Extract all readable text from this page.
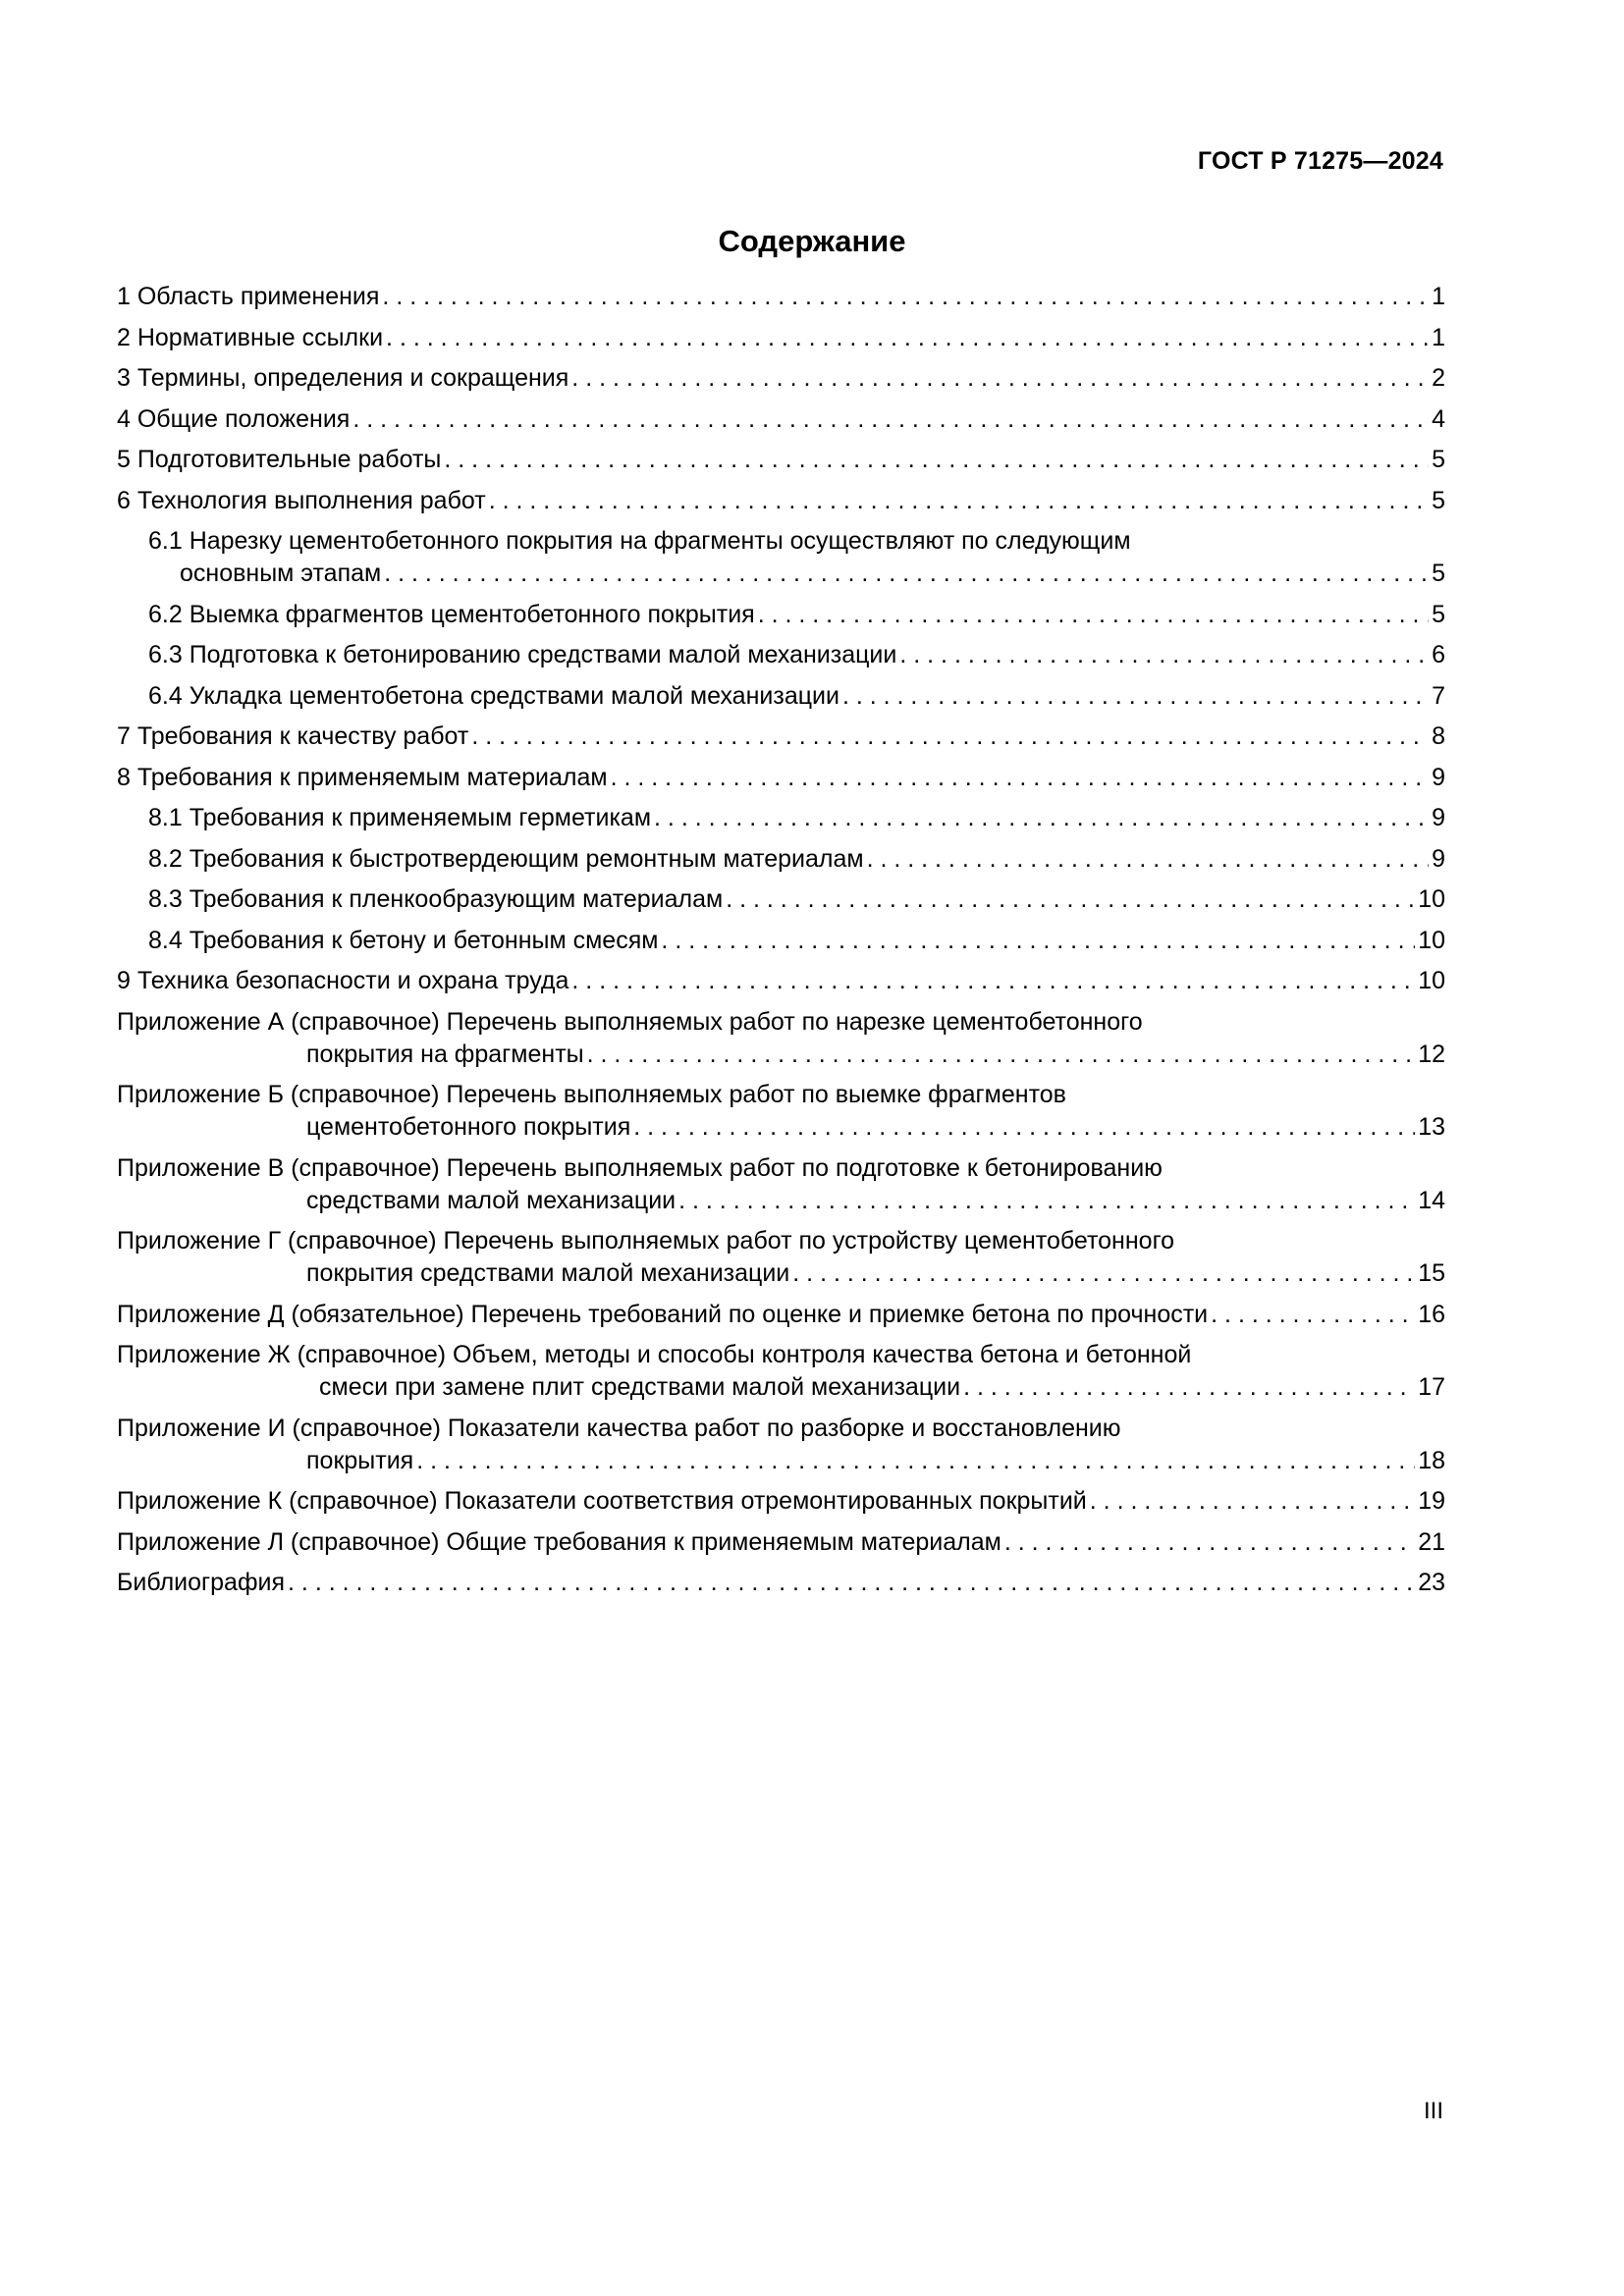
ГОСТ Р 71275—2024
Содержание
1 Область применения . . .	1
2 Нормативные ссылки . . .	1
3 Термины, определения и сокращения . . .	2
4 Общие положения . . .	4
5 Подготовительные работы . . .	5
6 Технология выполнения работ . . .	5
6.1 Нарезку цементобетонного покрытия на фрагменты осуществляют по следующим
основным этапам . . .	5
6.2 Выемка фрагментов цементобетонного покрытия . . .	5
6.3 Подготовка к бетонированию средствами малой механизации . . .	6
6.4 Укладка цементобетона средствами малой механизации . . .	7
7 Требования к качеству работ . . .	8
8 Требования к применяемым материалам . . .	9
8.1 Требования к применяемым герметикам . . .	9
8.2 Требования к быстротвердеющим ремонтным материалам . . .	9
8.3 Требования к пленкообразующим материалам . . .	10
8.4 Требования к бетону и бетонным смесям . . .	10
9 Техника безопасности и охрана труда . . .	10
Приложение А (справочное) Перечень выполняемых работ по нарезке цементобетонного
покрытия на фрагменты . . .	12
Приложение Б (справочное) Перечень выполняемых работ по выемке фрагментов
цементобетонного покрытия . . .	13
Приложение В (справочное) Перечень выполняемых работ по подготовке к бетонированию
средствами малой механизации . . .	14
Приложение Г (справочное) Перечень выполняемых работ по устройству цементобетонного
покрытия средствами малой механизации . . .	15
Приложение Д (обязательное) Перечень требований по оценке и приемке бетона по прочности . . .	16
Приложение Ж (справочное) Объем, методы и способы контроля качества бетона и бетонной
смеси при замене плит средствами малой механизации . . .	17
Приложение И (справочное) Показатели качества работ по разборке и восстановлению
покрытия . . .	18
Приложение К (справочное) Показатели соответствия отремонтированных покрытий . . .	19
Приложение Л (справочное) Общие требования к применяемым материалам . . .	21
Библиография . . .	23
III
